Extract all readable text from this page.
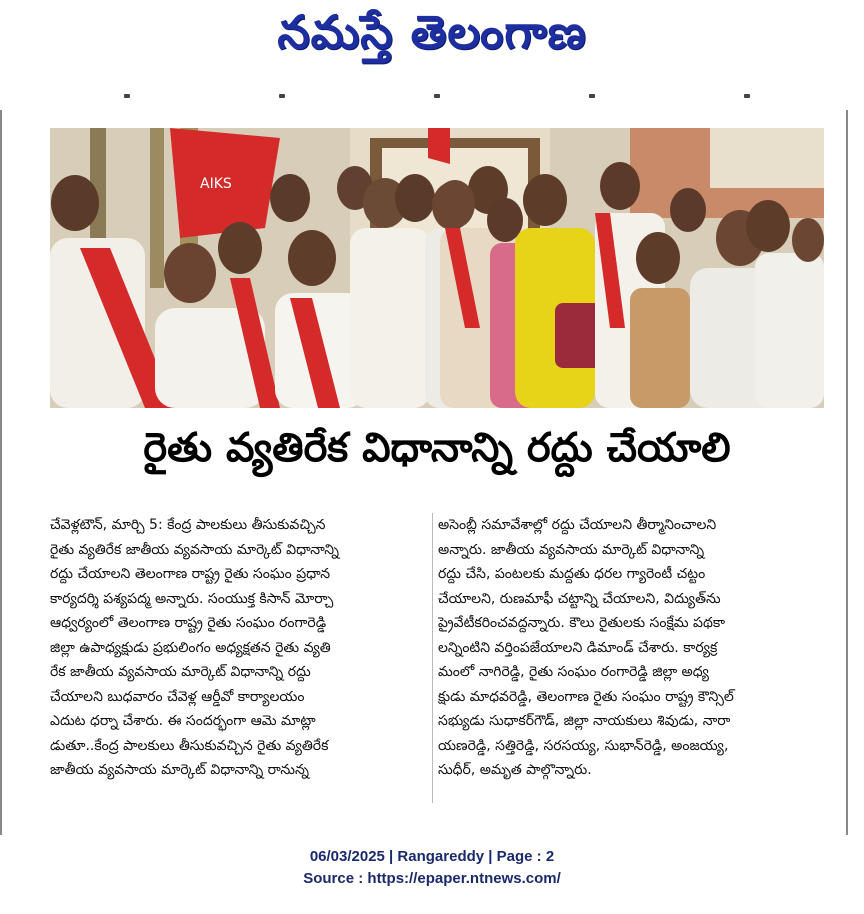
నమస్తే తెలంగాణ
AIKS
రైతు వ్యతిరేక విధానాన్ని రద్దు చేయాలి
చేవెళ్లటౌన్, మార్చి 5: కేంద్ర పాలకులు తీసుకువచ్చిన
రైతు వ్యతిరేక జాతీయ వ్యవసాయ మార్కెట్ విధానాన్ని
రద్దు చేయాలని తెలంగాణ రాష్ట్ర రైతు సంఘం ప్రధాన
కార్యదర్శి పశ్యపద్మ అన్నారు. సంయుక్త కిసాన్ మోర్చా
ఆధ్వర్యంలో తెలంగాణ రాష్ట్ర రైతు సంఘం రంగారెడ్డి
జిల్లా ఉపాధ్యక్షుడు ప్రభులింగం అధ్యక్షతన రైతు వ్యతి
రేక జాతీయ వ్యవసాయ మార్కెట్ విధానాన్ని రద్దు
చేయాలని బుధవారం చేవెళ్ల ఆర్డీవో కార్యాలయం
ఎదుట ధర్నా చేశారు. ఈ సందర్భంగా ఆమె మాట్లా
డుతూ..కేంద్ర పాలకులు తీసుకువచ్చిన రైతు వ్యతిరేక
జాతీయ వ్యవసాయ మార్కెట్ విధానాన్ని రానున్న
అసెంబ్లీ సమావేశాల్లో రద్దు చేయాలని తీర్మానించాలని
అన్నారు. జాతీయ వ్యవసాయ మార్కెట్ విధానాన్ని
రద్దు చేసి, పంటలకు మద్దతు ధరల గ్యారెంటీ చట్టం
చేయాలని, రుణమాఫీ చట్టాన్ని చేయాలని, విద్యుత్‌ను
ప్రైవేటీకరించవద్దన్నారు. కౌలు రైతులకు సంక్షేమ పథకా
లన్నింటిని వర్తింపజేయాలని డిమాండ్ చేశారు. కార్యక్ర
మంలో నాగిరెడ్డి, రైతు సంఘం రంగారెడ్డి జిల్లా అధ్య
క్షుడు మాధవరెడ్డి, తెలంగాణ రైతు సంఘం రాష్ట్ర కౌన్సిల్
సభ్యుడు సుధాకర్‌గౌడ్, జిల్లా నాయకులు శివుడు, నారా
యణరెడ్డి, సత్తిరెడ్డి, సరసయ్య, సుభాన్‌రెడ్డి, అంజయ్య,
సుధీర్, అమృత పాల్గొన్నారు.
06/03/2025 | Rangareddy | Page : 2
Source : https://epaper.ntnews.com/
